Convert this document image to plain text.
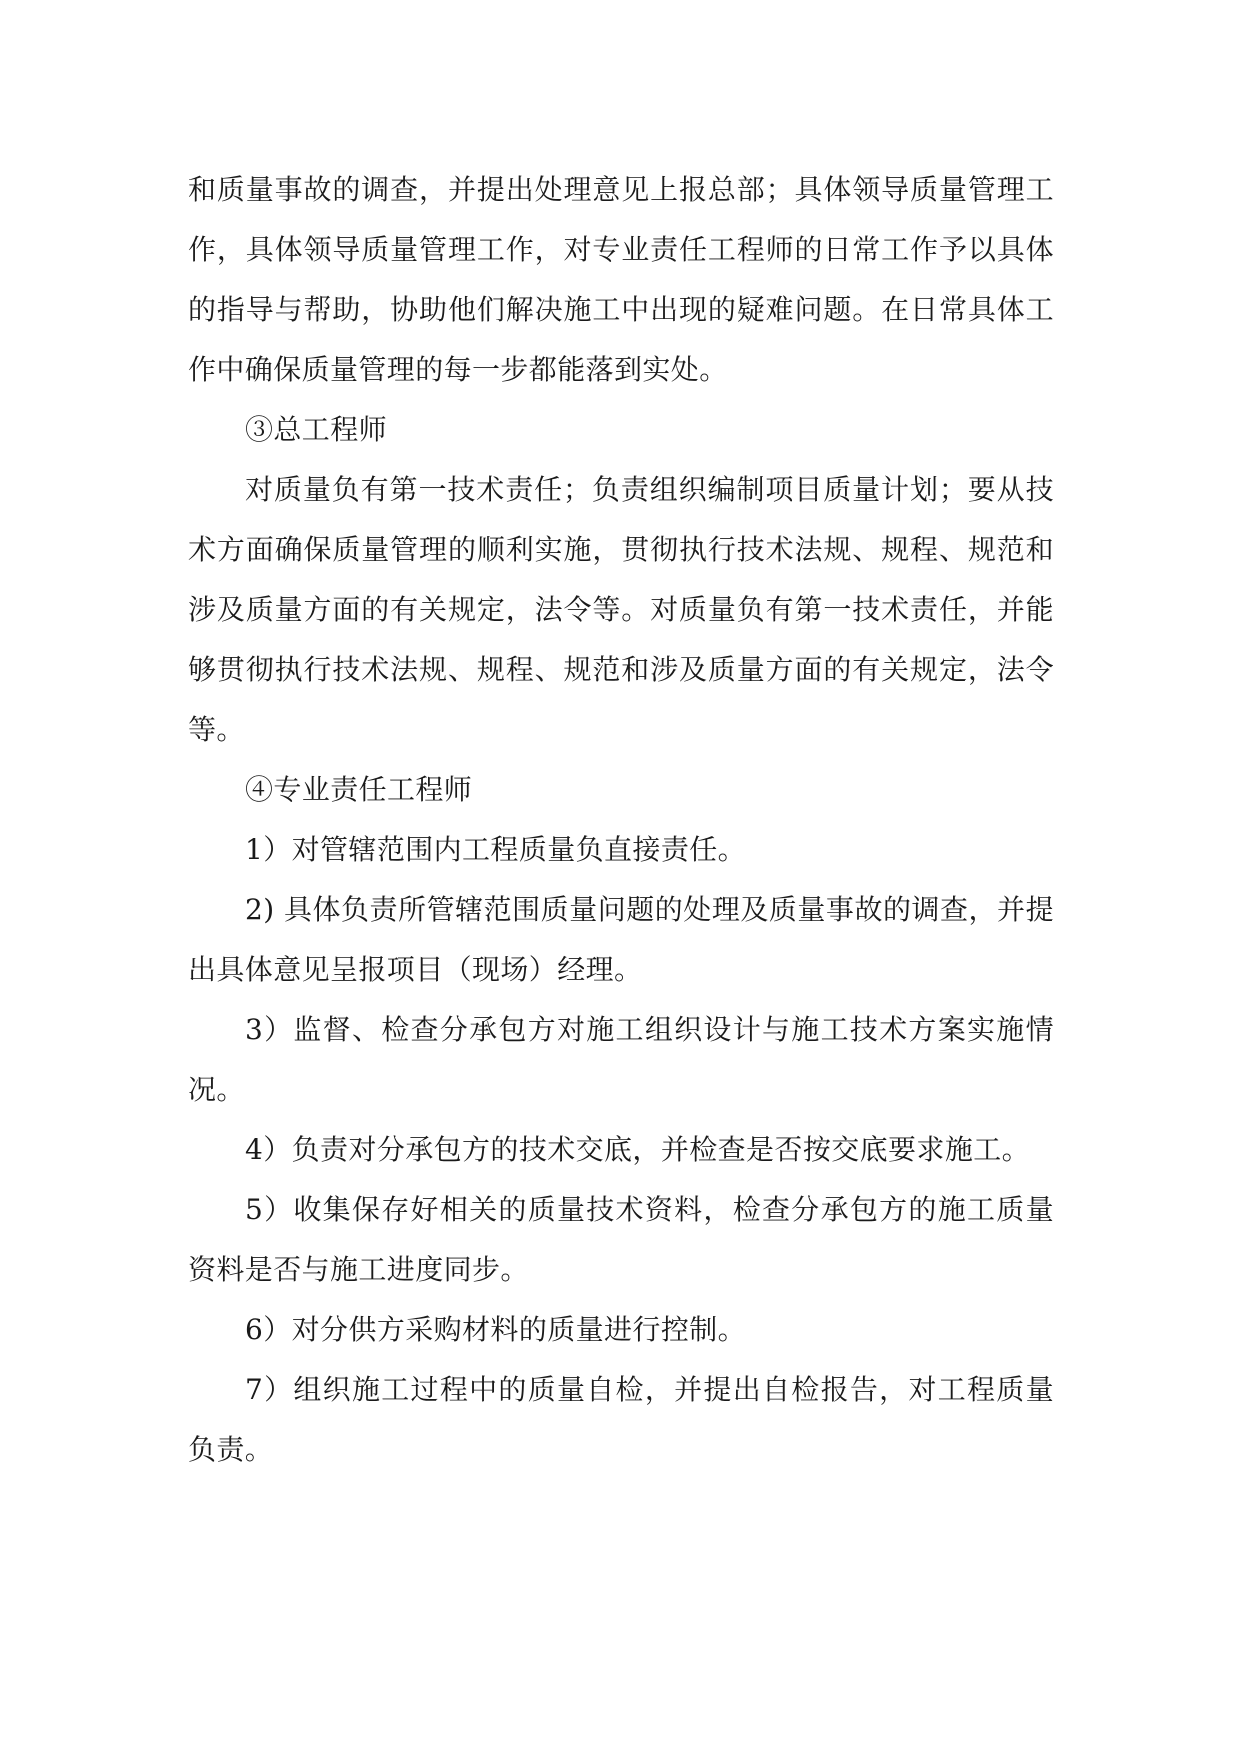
和质量事故的调查，并提出处理意见上报总部；具体领导质量管理工作，具体领导质量管理工作，对专业责任工程师的日常工作予以具体的指导与帮助，协助他们解决施工中出现的疑难问题。在日常具体工作中确保质量管理的每一步都能落到实处。

③总工程师

对质量负有第一技术责任；负责组织编制项目质量计划；要从技术方面确保质量管理的顺利实施，贯彻执行技术法规、规程、规范和涉及质量方面的有关规定，法令等。对质量负有第一技术责任，并能够贯彻执行技术法规、规程、规范和涉及质量方面的有关规定，法令等。

④专业责任工程师

1）对管辖范围内工程质量负直接责任。

2) 具体负责所管辖范围质量问题的处理及质量事故的调查，并提出具体意见呈报项目（现场）经理。

3）监督、检查分承包方对施工组织设计与施工技术方案实施情况。

4）负责对分承包方的技术交底，并检查是否按交底要求施工。

5）收集保存好相关的质量技术资料，检查分承包方的施工质量资料是否与施工进度同步。

6）对分供方采购材料的质量进行控制。

7）组织施工过程中的质量自检，并提出自检报告，对工程质量负责。
